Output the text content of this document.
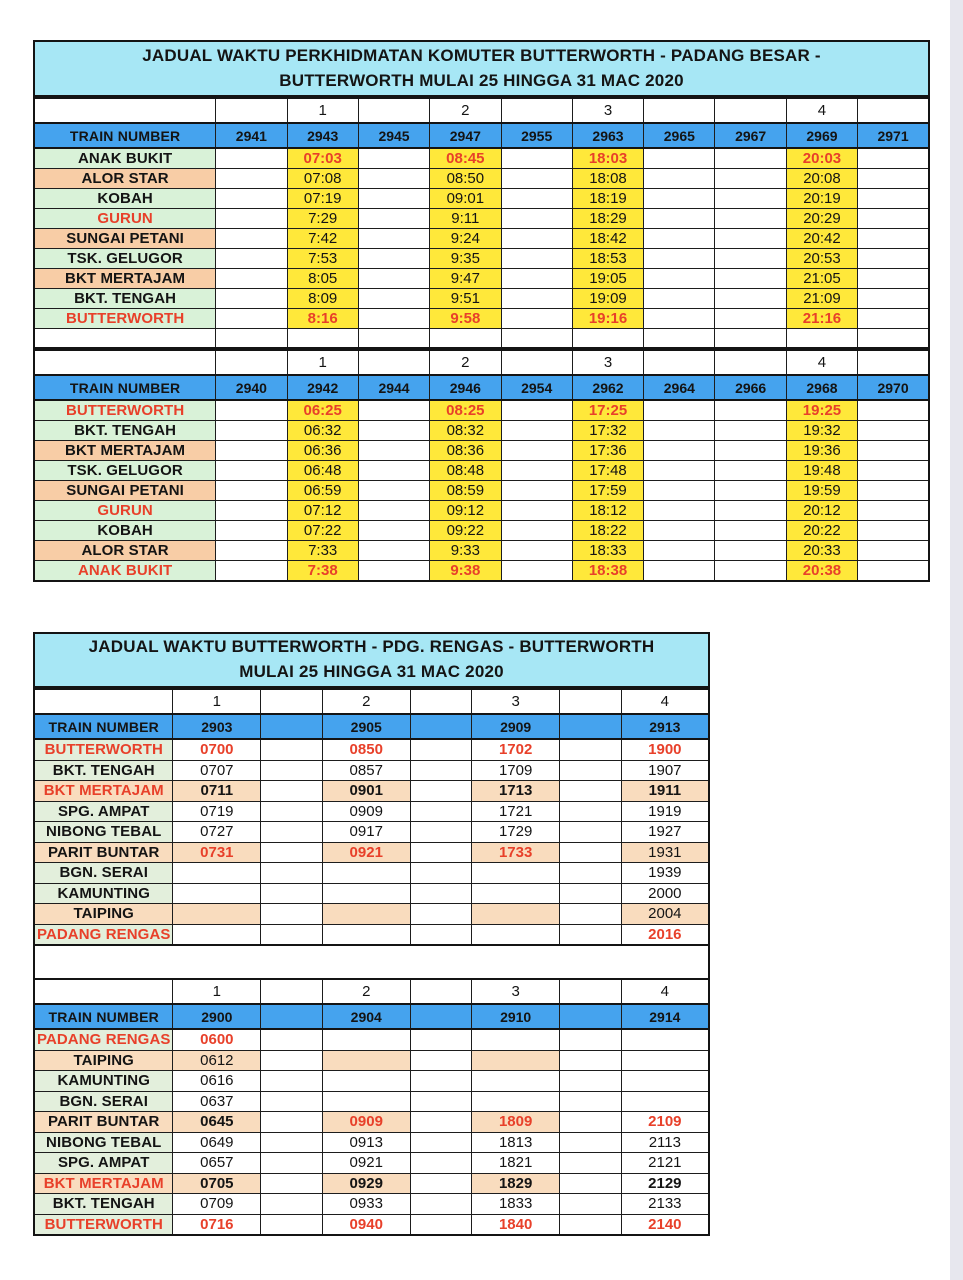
JADUAL WAKTU PERKHIDMATAN KOMUTER BUTTERWORTH - PADANG BESAR -
BUTTERWORTH MULAI 25 HINGGA 31 MAC 2020
		1		2		3			4	
TRAIN NUMBER	2941	2943	2945	2947	2955	2963	2965	2967	2969	2971
ANAK BUKIT		07:03		08:45		18:03			20:03	
ALOR STAR		07:08		08:50		18:08			20:08	
KOBAH		07:19		09:01		18:19			20:19	
GURUN		7:29		9:11		18:29			20:29	
SUNGAI PETANI		7:42		9:24		18:42			20:42	
TSK. GELUGOR		7:53		9:35		18:53			20:53	
BKT MERTAJAM		8:05		9:47		19:05			21:05	
BKT. TENGAH		8:09		9:51		19:09			21:09	
BUTTERWORTH		8:16		9:58		19:16			21:16	

		1		2		3			4	
TRAIN NUMBER	2940	2942	2944	2946	2954	2962	2964	2966	2968	2970
BUTTERWORTH		06:25		08:25		17:25			19:25	
BKT. TENGAH		06:32		08:32		17:32			19:32	
BKT MERTAJAM		06:36		08:36		17:36			19:36	
TSK. GELUGOR		06:48		08:48		17:48			19:48	
SUNGAI PETANI		06:59		08:59		17:59			19:59	
GURUN		07:12		09:12		18:12			20:12	
KOBAH		07:22		09:22		18:22			20:22	
ALOR STAR		7:33		9:33		18:33			20:33	
ANAK BUKIT		7:38		9:38		18:38			20:38	
JADUAL WAKTU BUTTERWORTH - PDG. RENGAS - BUTTERWORTH
MULAI 25 HINGGA 31 MAC 2020
	1		2		3		4
TRAIN NUMBER	2903		2905		2909		2913
BUTTERWORTH	0700		0850		1702		1900
BKT. TENGAH	0707		0857		1709		1907
BKT MERTAJAM	0711		0901		1713		1911
SPG. AMPAT	0719		0909		1721		1919
NIBONG TEBAL	0727		0917		1729		1927
PARIT BUNTAR	0731		0921		1733		1931
BGN. SERAI							1939
KAMUNTING							2000
TAIPING							2004
PADANG RENGAS							2016
	1		2		3		4
TRAIN NUMBER	2900		2904		2910		2914
PADANG RENGAS	0600						
TAIPING	0612						
KAMUNTING	0616						
BGN. SERAI	0637						
PARIT BUNTAR	0645		0909		1809		2109
NIBONG TEBAL	0649		0913		1813		2113
SPG. AMPAT	0657		0921		1821		2121
BKT MERTAJAM	0705		0929		1829		2129
BKT. TENGAH	0709		0933		1833		2133
BUTTERWORTH	0716		0940		1840		2140
